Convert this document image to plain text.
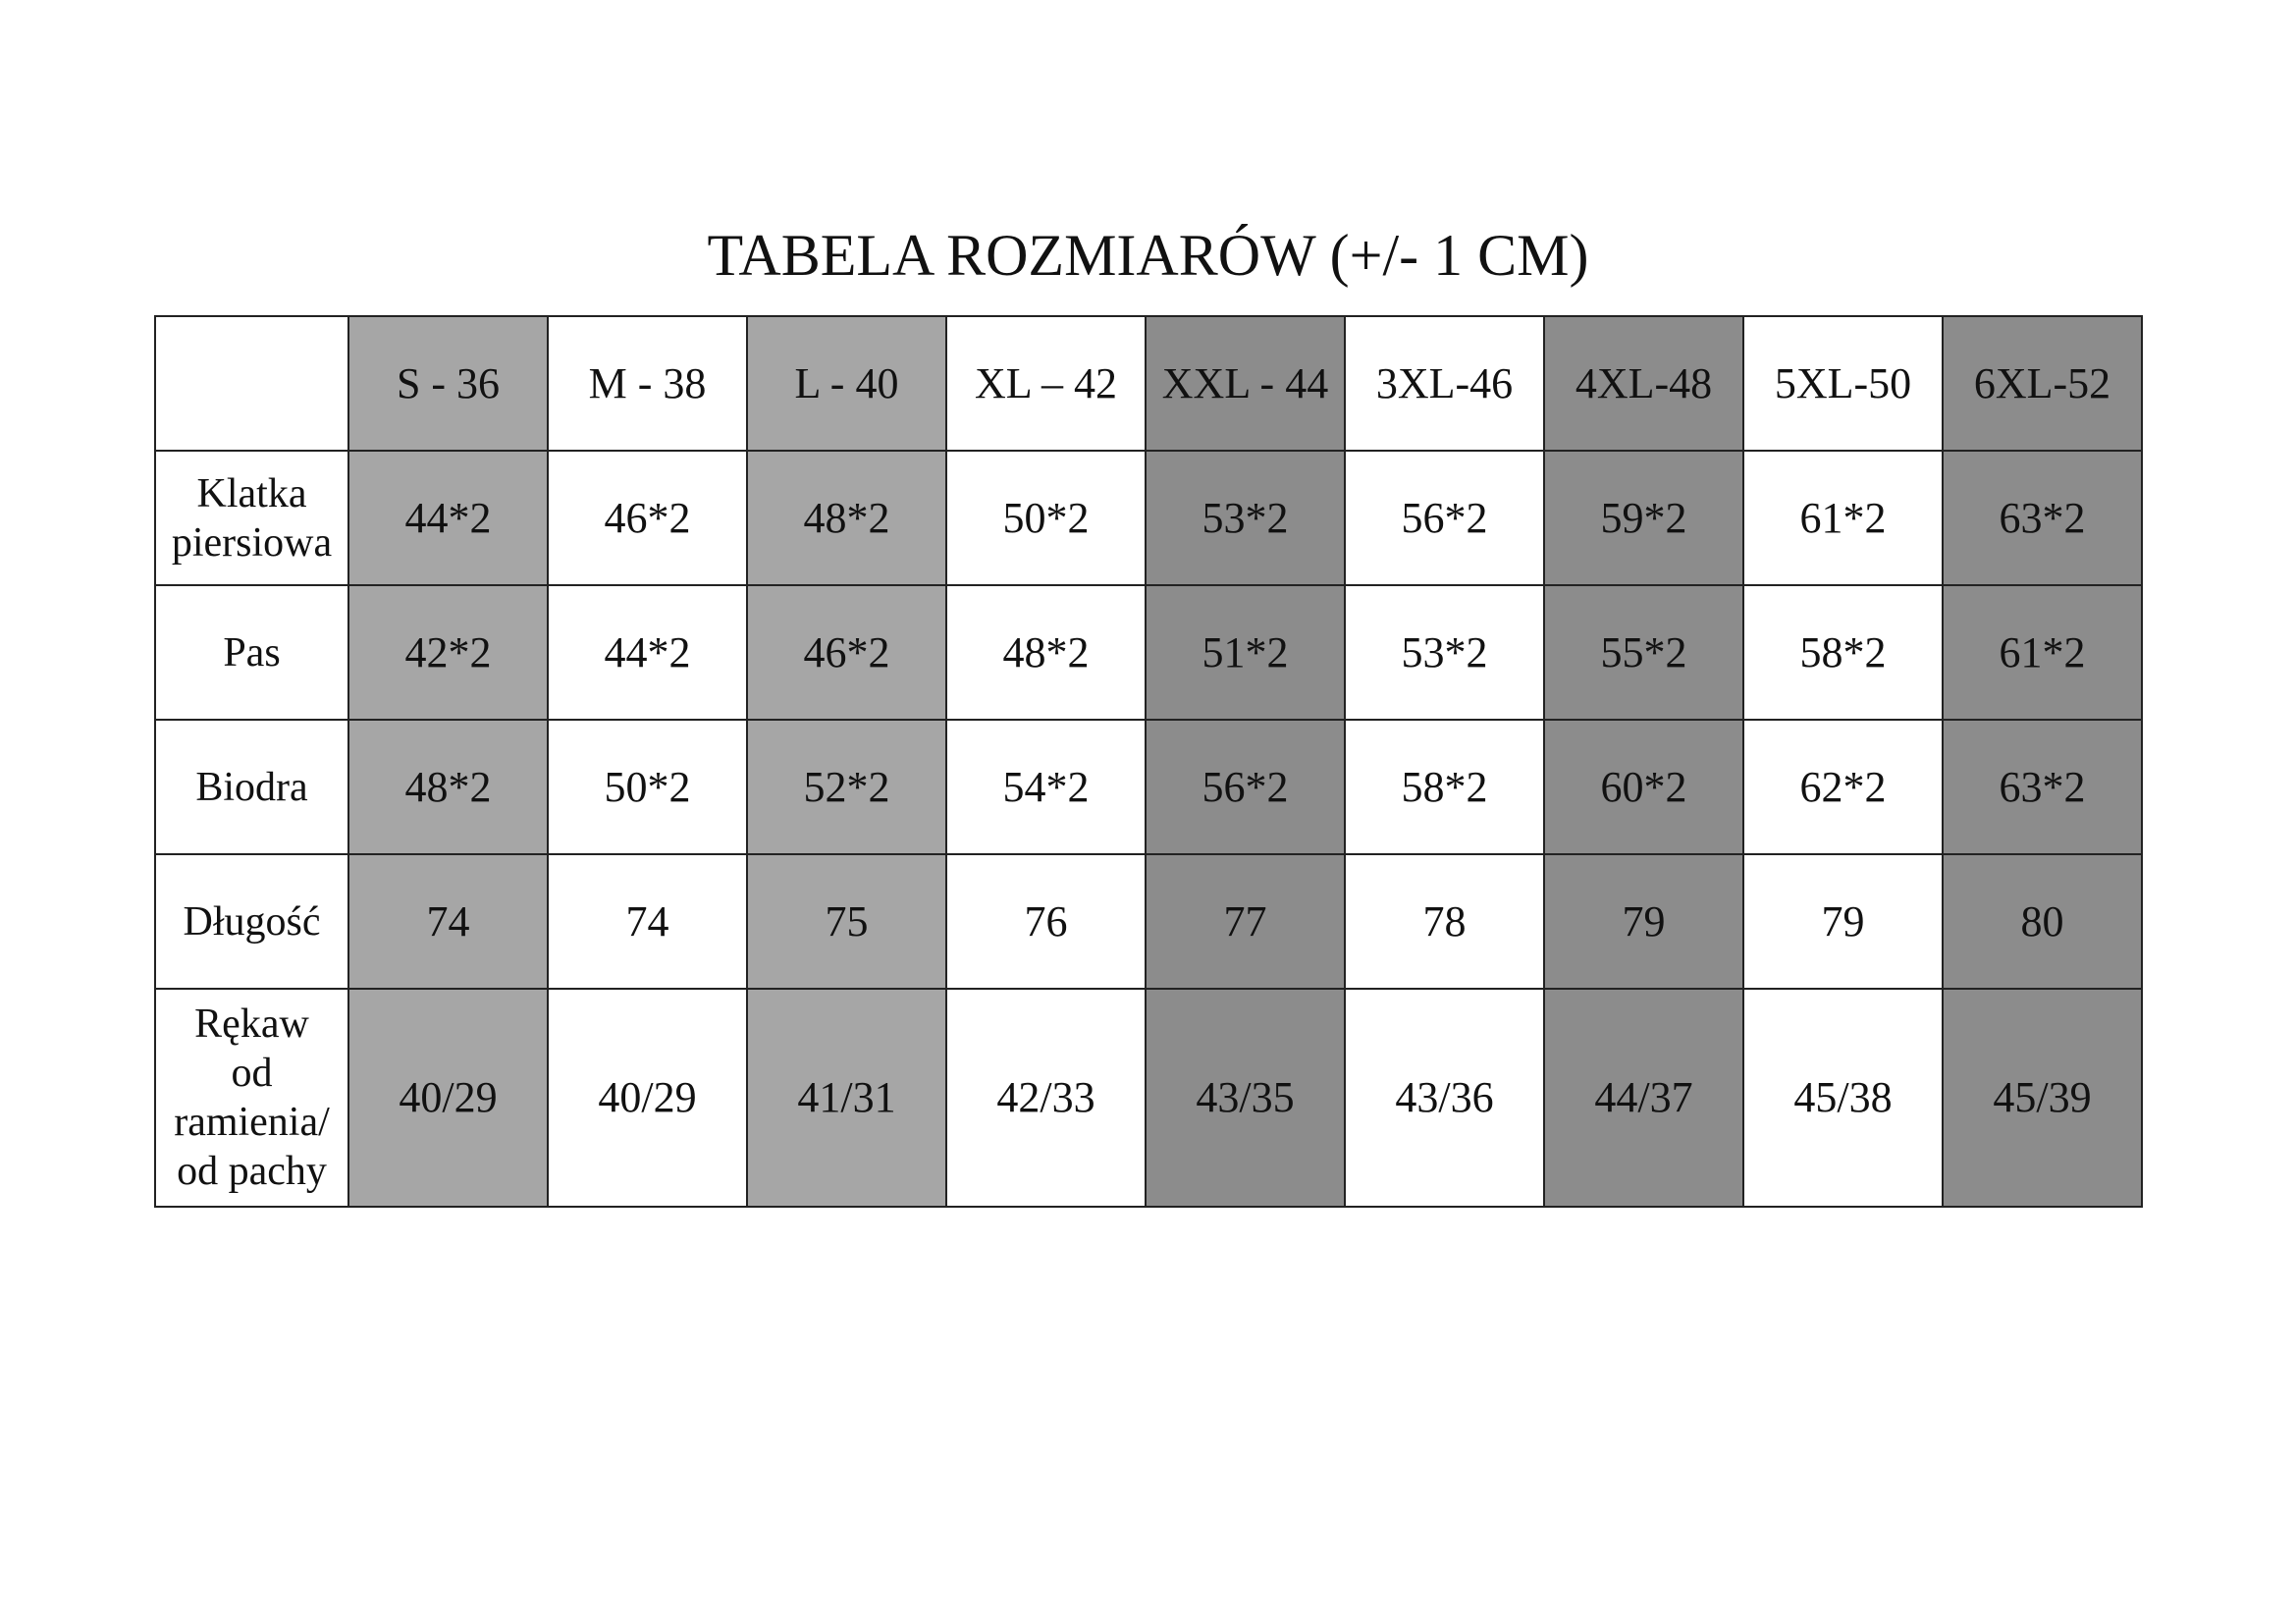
TABELA ROZMIARÓW (+/- 1 CM)
	S - 36	M - 38	L - 40	XL – 42	XXL - 44	3XL-46	4XL-48	5XL-50	6XL-52
Klatka
piersiowa	44*2	46*2	48*2	50*2	53*2	56*2	59*2	61*2	63*2
Pas	42*2	44*2	46*2	48*2	51*2	53*2	55*2	58*2	61*2
Biodra	48*2	50*2	52*2	54*2	56*2	58*2	60*2	62*2	63*2
Długość	74	74	75	76	77	78	79	79	80
Rękaw
od
ramienia/
od pachy	40/29	40/29	41/31	42/33	43/35	43/36	44/37	45/38	45/39
